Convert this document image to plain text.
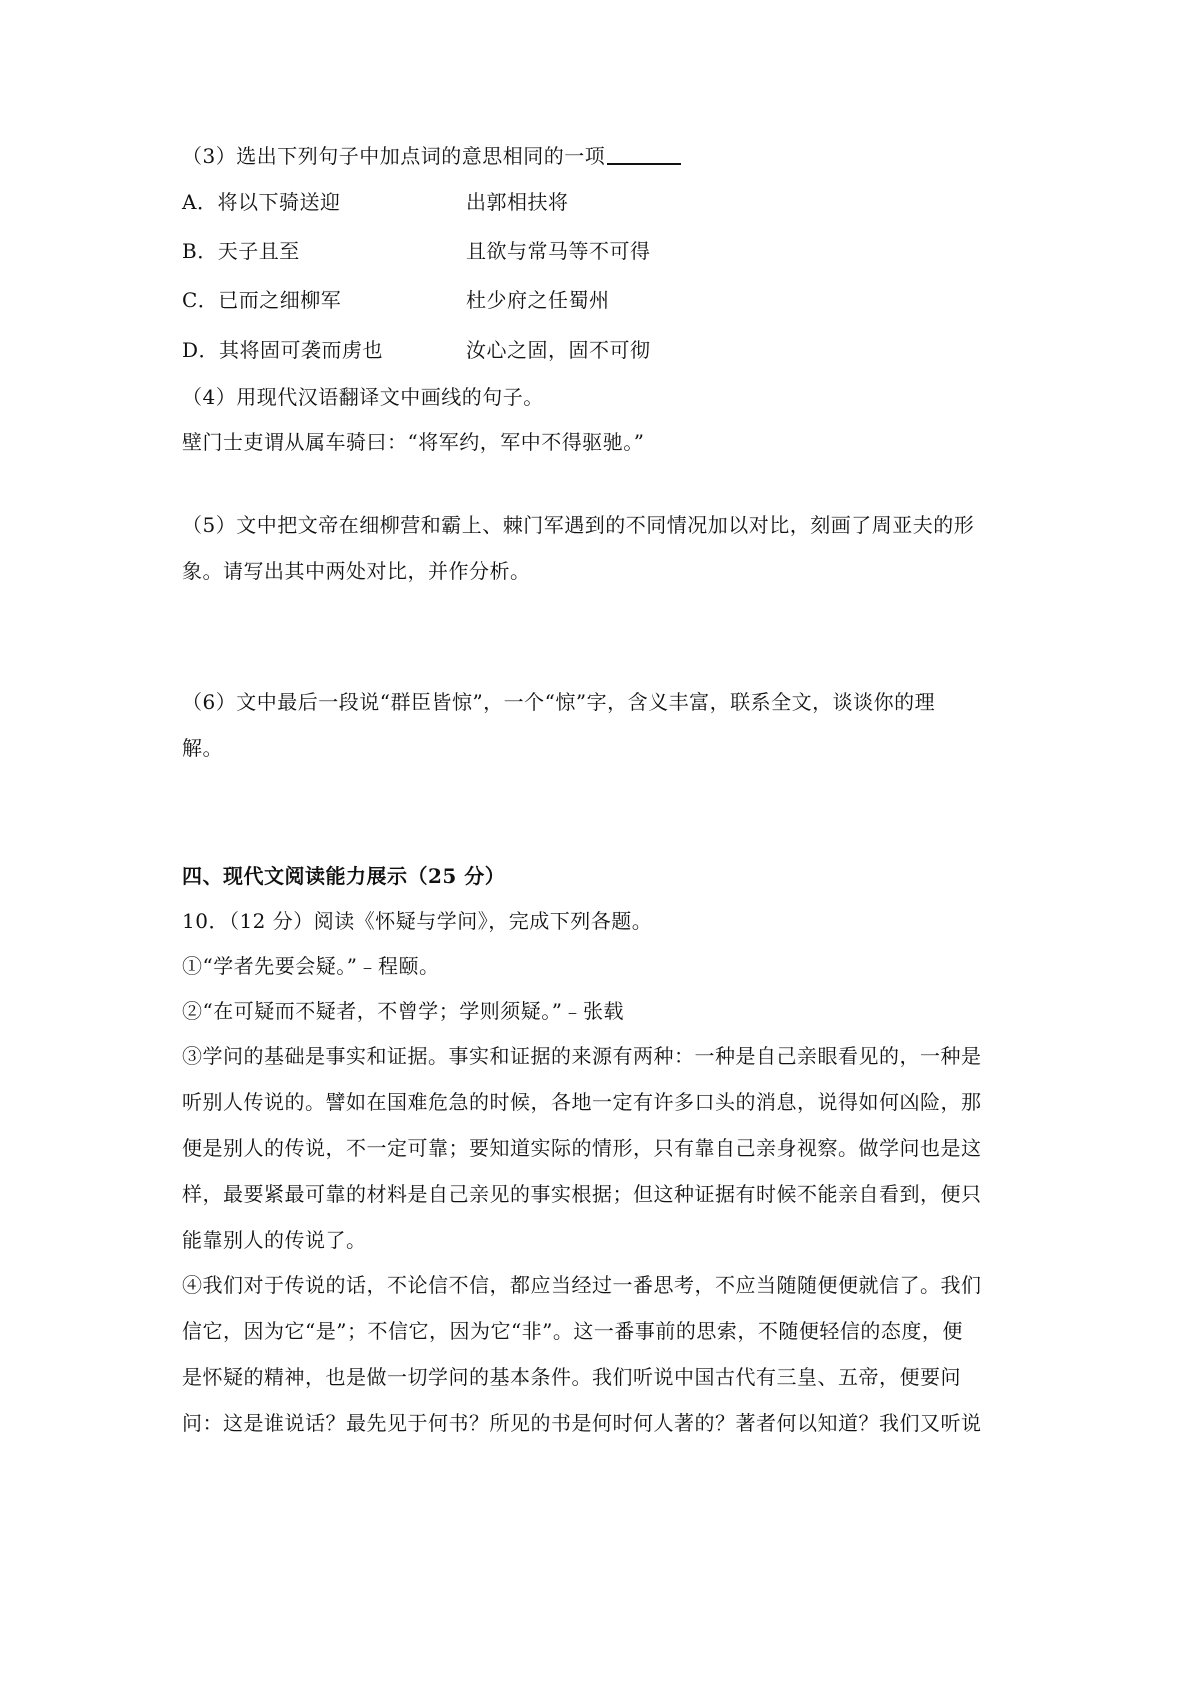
（3）选出下列句子中加点词的意思相同的一项
A．将以下骑送迎	出郭相扶将
B．天子且至	且欲与常马等不可得
C．已而之细柳军	杜少府之任蜀州
D．其将固可袭而虏也	汝心之固，固不可彻
（4）用现代汉语翻译文中画线的句子。
壁门士吏谓从属车骑曰：“将军约，军中不得驱驰。”
（5）文中把文帝在细柳营和霸上、棘门军遇到的不同情况加以对比，刻画了周亚夫的形
象。请写出其中两处对比，并作分析。
（6）文中最后一段说“群臣皆惊”，一个“惊”字，含义丰富，联系全文，谈谈你的理
解。
四、现代文阅读能力展示（25 分）
10．（12 分）阅读《怀疑与学问》，完成下列各题。
①“学者先要会疑。”﹣程颐。
②“在可疑而不疑者，不曾学；学则须疑。”﹣张载
③学问的基础是事实和证据。事实和证据的来源有两种：一种是自己亲眼看见的，一种是
听别人传说的。譬如在国难危急的时候，各地一定有许多口头的消息，说得如何凶险，那
便是别人的传说，不一定可靠；要知道实际的情形，只有靠自己亲身视察。做学问也是这
样，最要紧最可靠的材料是自己亲见的事实根据；但这种证据有时候不能亲自看到，便只
能靠别人的传说了。
④我们对于传说的话，不论信不信，都应当经过一番思考，不应当随随便便就信了。我们
信它，因为它“是”；不信它，因为它“非”。这一番事前的思索，不随便轻信的态度，便
是怀疑的精神，也是做一切学问的基本条件。我们听说中国古代有三皇、五帝，便要问
问：这是谁说话？最先见于何书？所见的书是何时何人著的？著者何以知道？我们又听说
